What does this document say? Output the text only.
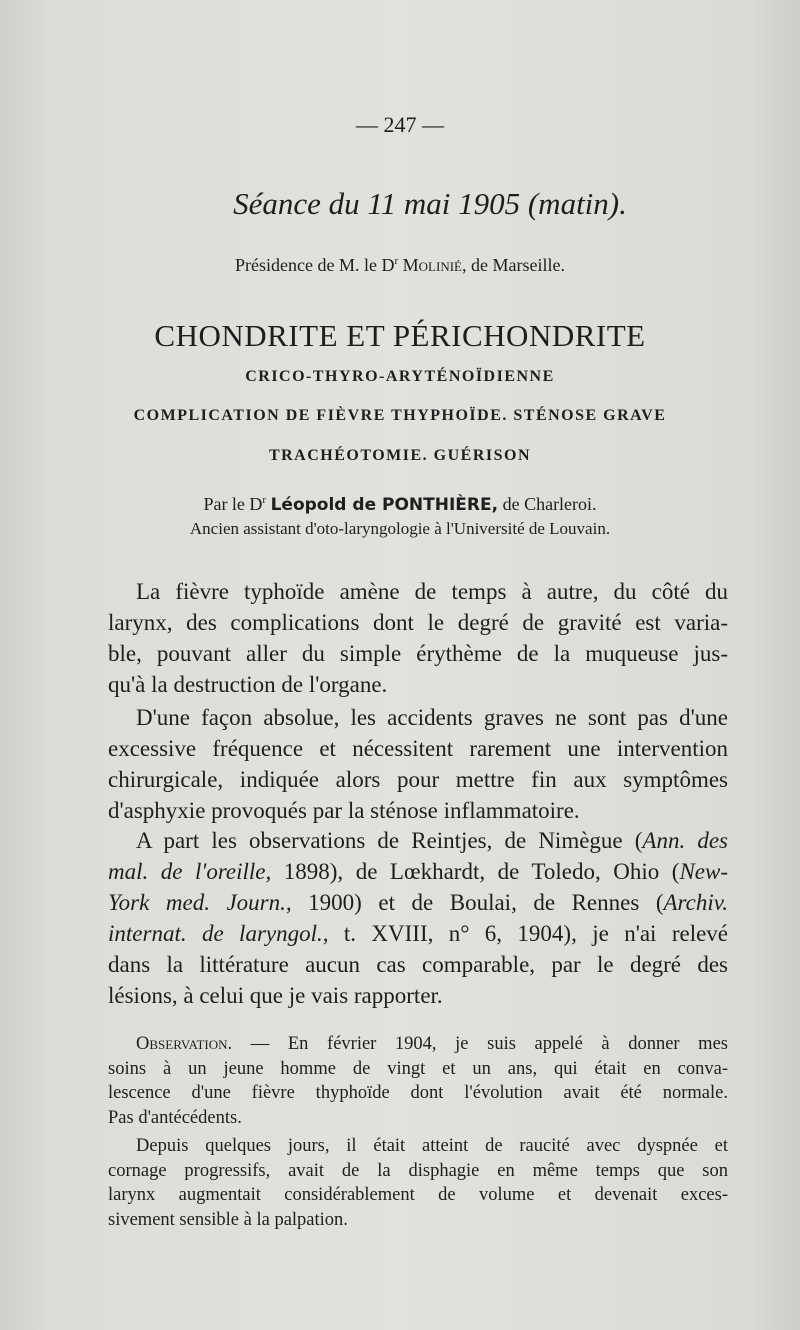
— 247 —
Séance du 11 mai 1905 (matin).
Présidence de M. le $D^r$ Molinié, de Marseille.
CHONDRITE ET PÉRICHONDRITE
CRICO-THYRO-ARYTÉNOÏDIENNE
COMPLICATION DE FIÈVRE THYPHOÏDE. STÉNOSE GRAVE
TRACHÉOTOMIE. GUÉRISON
Par le $D^r$ Léopold de PONTHIÈRE, de Charleroi.
Ancien assistant d'oto-laryngologie à l'Université de Louvain.
La fièvre typhoïde amène de temps à autre, du côté du
larynx, des complications dont le degré de gravité est varia-
ble, pouvant aller du simple érythème de la muqueuse jus-
qu'à la destruction de l'organe.
D'une façon absolue, les accidents graves ne sont pas d'une
excessive fréquence et nécessitent rarement une intervention
chirurgicale, indiquée alors pour mettre fin aux symptômes
d'asphyxie provoqués par la sténose inflammatoire.
A part les observations de Reintjes, de Nimègue (Ann. des
mal. de l'oreille, 1898), de Lœkhardt, de Toledo, Ohio (New-
York med. Journ., 1900) et de Boulai, de Rennes (Archiv.
internat. de laryngol., t. XVIII, n° 6, 1904), je n'ai relevé
dans la littérature aucun cas comparable, par le degré des
lésions, à celui que je vais rapporter.
Observation. — En février 1904, je suis appelé à donner mes
soins à un jeune homme de vingt et un ans, qui était en conva-
lescence d'une fièvre thyphoïde dont l'évolution avait été normale.
Pas d'antécédents.
Depuis quelques jours, il était atteint de raucité avec dyspnée et
cornage progressifs, avait de la disphagie en même temps que son
larynx augmentait considérablement de volume et devenait exces-
sivement sensible à la palpation.
